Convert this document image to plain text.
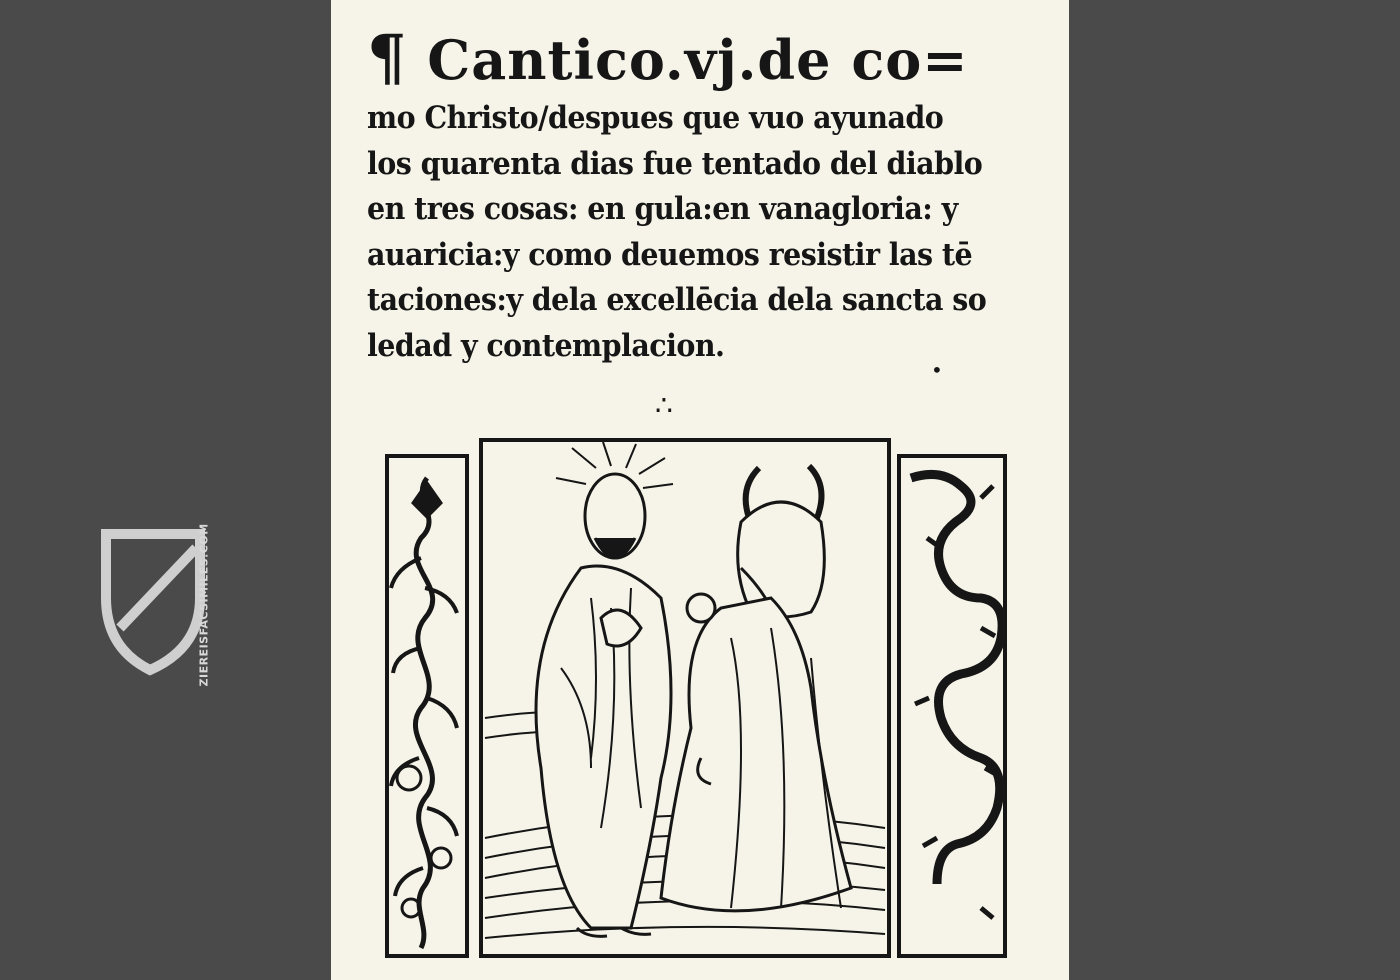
¶ Cantico.vj.de co=
mo Christo/despues que vuo ayunado
los quarenta dias fue tentado del diablo
en tres cosas: en gula:en vanagloria: y
auaricia:y como deuemos resistir las tē
taciones:y dela excellēcia dela sancta so
ledad y contemplacion.
•
∴
ZIEREISFACSIMILES.COM
